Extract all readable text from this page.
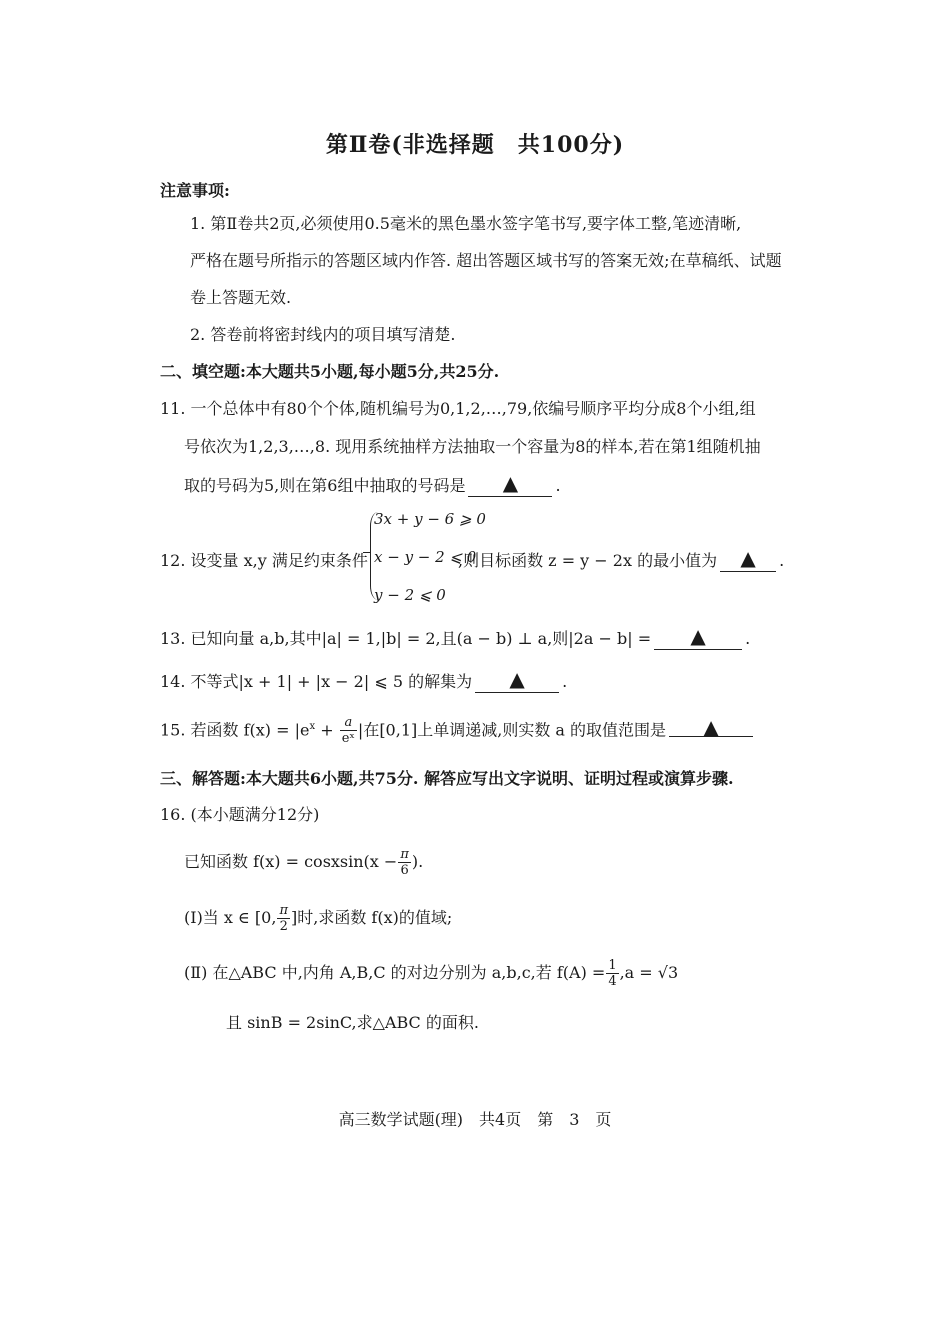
第Ⅱ卷(非选择题　共100分)
注意事项:
1. 第Ⅱ卷共2页,必须使用0.5毫米的黑色墨水签字笔书写,要字体工整,笔迹清晰,
严格在题号所指示的答题区域内作答. 超出答题区域书写的答案无效;在草稿纸、试题
卷上答题无效.
2. 答卷前将密封线内的项目填写清楚.
二、填空题:本大题共5小题,每小题5分,共25分.
11. 一个总体中有80个个体,随机编号为0,1,2,…,79,依编号顺序平均分成8个小组,组
号依次为1,2,3,…,8. 现用系统抽样方法抽取一个容量为8的样本,若在第1组随机抽
取的号码为5,则在第6组中抽取的号码是 ▲ .
12. 设变量 x,y 满足约束条件
3x + y − 6 ⩾ 0
x − y − 2 ⩽ 0
y − 2 ⩽ 0
,则目标函数 z = y − 2x 的最小值为 ▲ .
13. 已知向量 a,b,其中|a| = 1,|b| = 2,且(a − b) ⊥ a,则|2a − b| = ▲ .
14. 不等式|x + 1| + |x − 2| ⩽ 5 的解集为 ▲ .
15. 若函数 $f(x) = |e^x + \frac{a}{\text{eˣ}}$ |在[0,1]上单调递减,则实数 a 的取值范围是 ▲
三、解答题:本大题共6小题,共75分. 解答应写出文字说明、证明过程或演算步骤.
16. (本小题满分12分)
已知函数 f(x) = cosxsin(x − $\frac{\pi}{6}$ ).
(Ⅰ)当 x ∈ [0, $\frac{\pi}{2}$ ]时,求函数 f(x)的值域;
(Ⅱ) 在△ABC 中,内角 A,B,C 的对边分别为 a,b,c,若 $f(A) = \frac{1}{4} ,a = √3$
且 sinB = 2sinC,求△ABC 的面积.
高三数学试题(理)　共4页　第　3　页
